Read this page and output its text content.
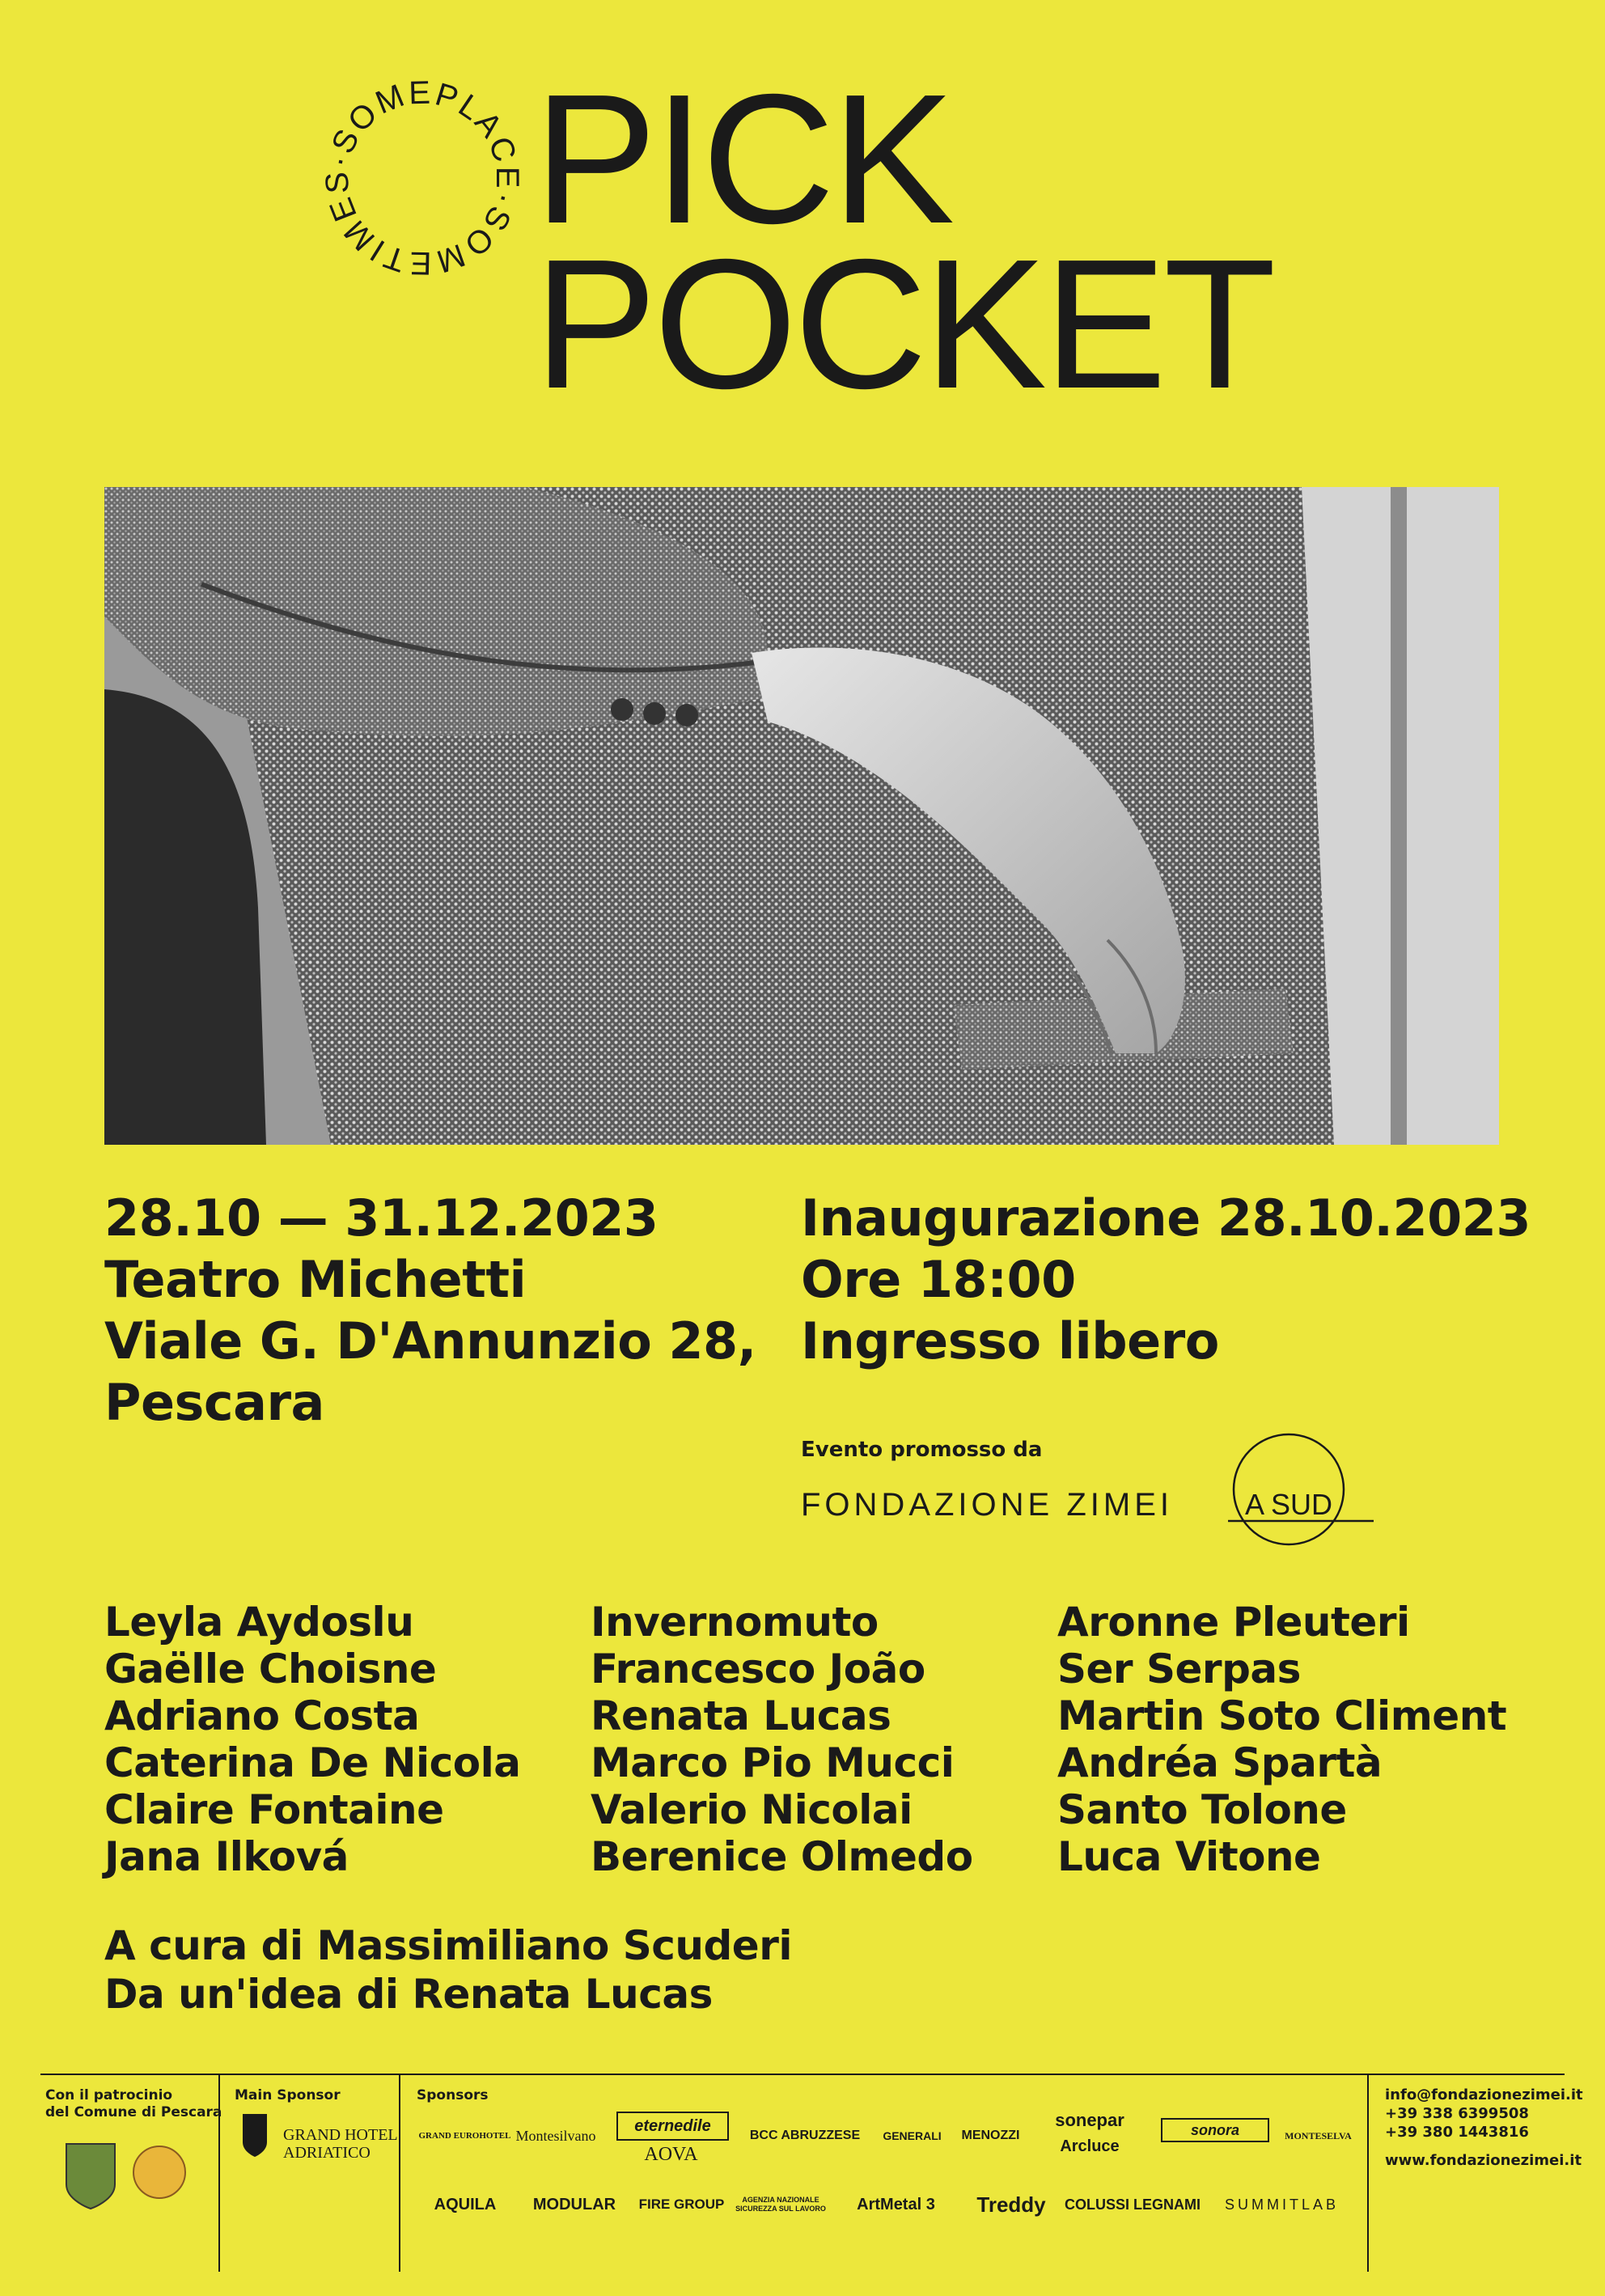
SOMETIMES·SOMEPLACE· PICK
POCKET
28.10 — 31.12.2023
Teatro Michetti
Viale G. D'Annunzio 28,
Pescara
Inaugurazione 28.10.2023
Ore 18:00
Ingresso libero
Evento promosso da
FONDAZIONE ZIMEI A SUD
Leyla Aydoslu
Gaëlle Choisne
Adriano Costa
Caterina De Nicola
Claire Fontaine
Jana Ilková
Invernomuto
Francesco João
Renata Lucas
Marco Pio Mucci
Valerio Nicolai
Berenice Olmedo
Aronne Pleuteri
Ser Serpas
Martin Soto Climent
Andréa Spartà
Santo Tolone
Luca Vitone
A cura di Massimiliano Scuderi
Da un'idea di Renata Lucas
Con il patrocinio
del Comune di Pescara
Main Sponsor
GRAND HOTEL
ADRIATICO
Sponsors
GRAND EUROHOTEL Montesilvano
eternedile
AOVA
BCC ABRUZZESE	GENERALI	MENOZZI
sonepar
Arcluce
sonora	MONTESELVA
AQUILA	MODULAR	FIRE GROUP	AGENZIA NAZIONALE SICUREZZA SUL LAVORO	ArtMetal 3	Treddy	COLUSSI LEGNAMI	SUMMITLAB
info@fondazionezimei.it
+39 338 6399508
+39 380 1443816
www.fondazionezimei.it
